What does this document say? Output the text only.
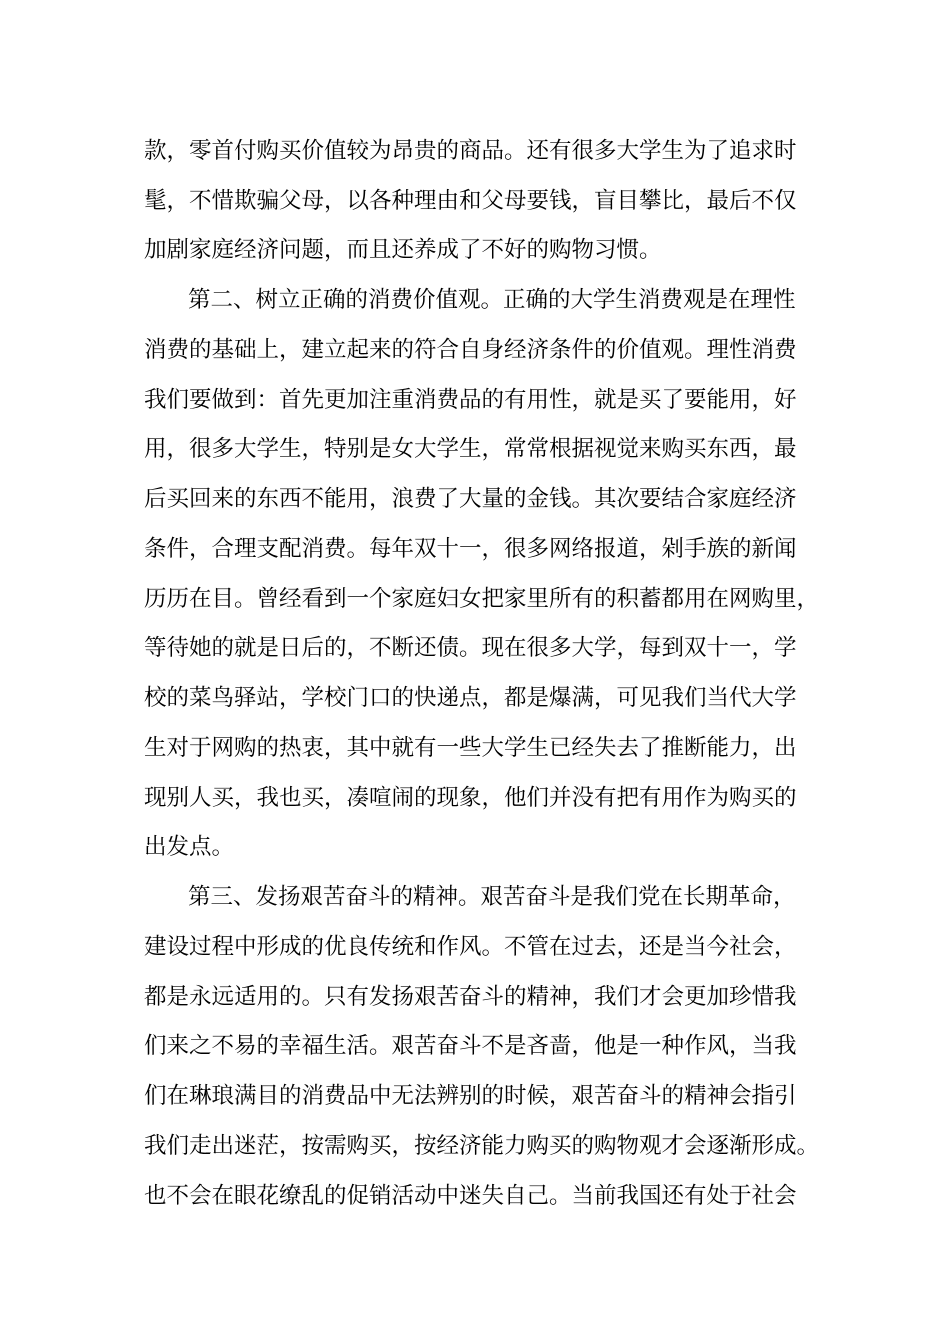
款，零首付购买价值较为昂贵的商品。还有很多大学生为了追求时
髦，不惜欺骗父母，以各种理由和父母要钱，盲目攀比，最后不仅
加剧家庭经济问题，而且还养成了不好的购物习惯。
第二、树立正确的消费价值观。正确的大学生消费观是在理性
消费的基础上，建立起来的符合自身经济条件的价值观。理性消费
我们要做到：首先更加注重消费品的有用性，就是买了要能用，好
用，很多大学生，特别是女大学生，常常根据视觉来购买东西，最
后买回来的东西不能用，浪费了大量的金钱。其次要结合家庭经济
条件，合理支配消费。每年双十一，很多网络报道，剁手族的新闻
历历在目。曾经看到一个家庭妇女把家里所有的积蓄都用在网购里，
等待她的就是日后的，不断还债。现在很多大学，每到双十一，学
校的菜鸟驿站，学校门口的快递点，都是爆满，可见我们当代大学
生对于网购的热衷，其中就有一些大学生已经失去了推断能力，出
现别人买，我也买，凑喧闹的现象，他们并没有把有用作为购买的
出发点。
第三、发扬艰苦奋斗的精神。艰苦奋斗是我们党在长期革命，
建设过程中形成的优良传统和作风。不管在过去，还是当今社会，
都是永远适用的。只有发扬艰苦奋斗的精神，我们才会更加珍惜我
们来之不易的幸福生活。艰苦奋斗不是吝啬，他是一种作风，当我
们在琳琅满目的消费品中无法辨别的时候，艰苦奋斗的精神会指引
我们走出迷茫，按需购买，按经济能力购买的购物观才会逐渐形成。
也不会在眼花缭乱的促销活动中迷失自己。当前我国还有处于社会
